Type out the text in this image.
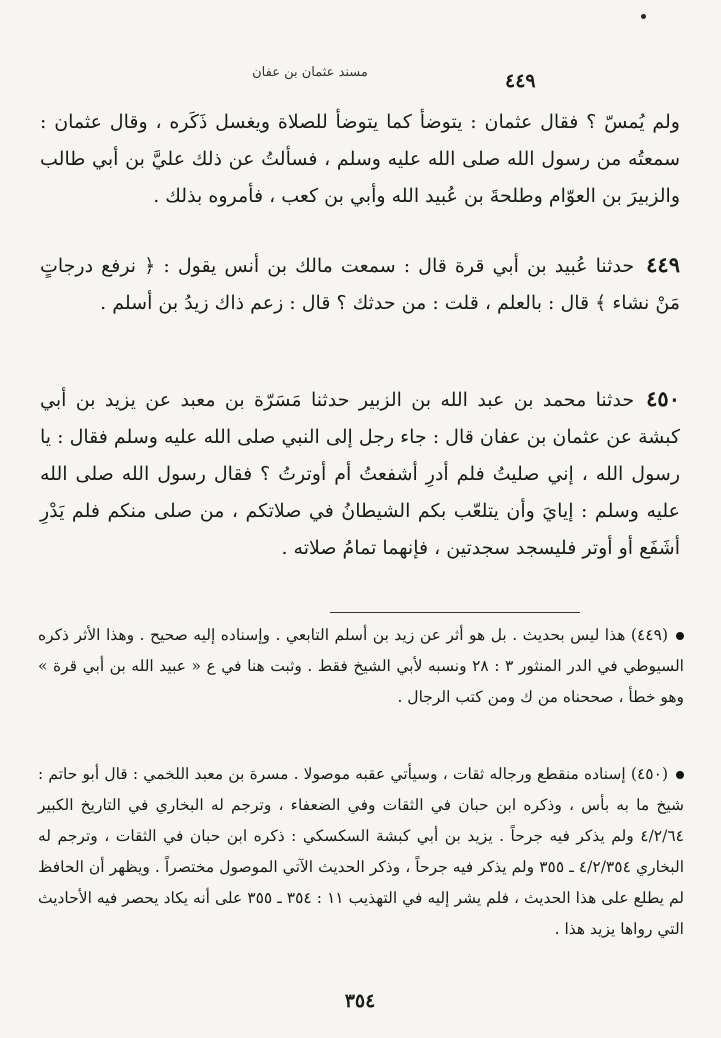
مسند عثمان بن عفان	٤٤٩
ولم يُمسّ ؟ فقال عثمان : يتوضأ كما يتوضأ للصلاة ويغسل ذَكَره ، وقال عثمان : سمعتُه من رسول الله صلى الله عليه وسلم ، فسألتُ عن ذلك عليَّ بن أبي طالب والزبيرَ بن العوّام وطلحةَ بن عُبيد الله وأبي بن كعب ، فأمروه بذلك .
٤٤٩حدثنا عُبيد بن أبي قرة قال : سمعت مالك بن أنس يقول : ﴿ نرفع درجاتٍ مَنْ نشاء ﴾ قال : بالعلم ، قلت : من حدثك ؟ قال : زعم ذاك زيدُ بن أسلم .
٤٥٠حدثنا محمد بن عبد الله بن الزبير حدثنا مَسَرّة بن معبد عن يزيد بن أبي كبشة عن عثمان بن عفان قال : جاء رجل إلى النبي صلى الله عليه وسلم فقال : يا رسول الله ، إني صليتُ فلم أدرِ أشفعتُ أم أوترتُ ؟ فقال رسول الله صلى الله عليه وسلم : إيايَ وأن يتلعّب بكم الشيطانُ في صلاتكم ، من صلى منكم فلم يَدْرِ أشَفَع أو أوتر فليسجد سجدتين ، فإنهما تمامُ صلاته .
(٤٤٩) هذا ليس بحديث . بل هو أثر عن زيد بن أسلم التابعي . وإسناده إليه صحيح . وهذا الأثر ذكره السيوطي في الدر المنثور ٣ : ٢٨ ونسبه لأبي الشيخ فقط . وثبت هنا في ع « عبيد الله بن أبي قرة » وهو خطأ ، صححناه من ك ومن كتب الرجال .
(٤٥٠) إسناده منقطع ورجاله ثقات ، وسيأتي عقبه موصولا . مسرة بن معبد اللخمي : قال أبو حاتم : شيخ ما به بأس ، وذكره ابن حبان في الثقات وفي الضعفاء ، وترجم له البخاري في التاريخ الكبير ٤/٢/٦٤ ولم يذكر فيه جرحاً . يزيد بن أبي كبشة السكسكي : ذكره ابن حبان في الثقات ، وترجم له البخاري ٤/٢/٣٥٤ ـ ٣٥٥ ولم يذكر فيه جرحاً ، وذكر الحديث الآتي الموصول مختصراً . ويظهر أن الحافظ لم يطلع على هذا الحديث ، فلم يشر إليه في التهذيب ١١ : ٣٥٤ ـ ٣٥٥ على أنه يكاد يحصر فيه الأحاديث التي رواها يزيد هذا .
٣٥٤
